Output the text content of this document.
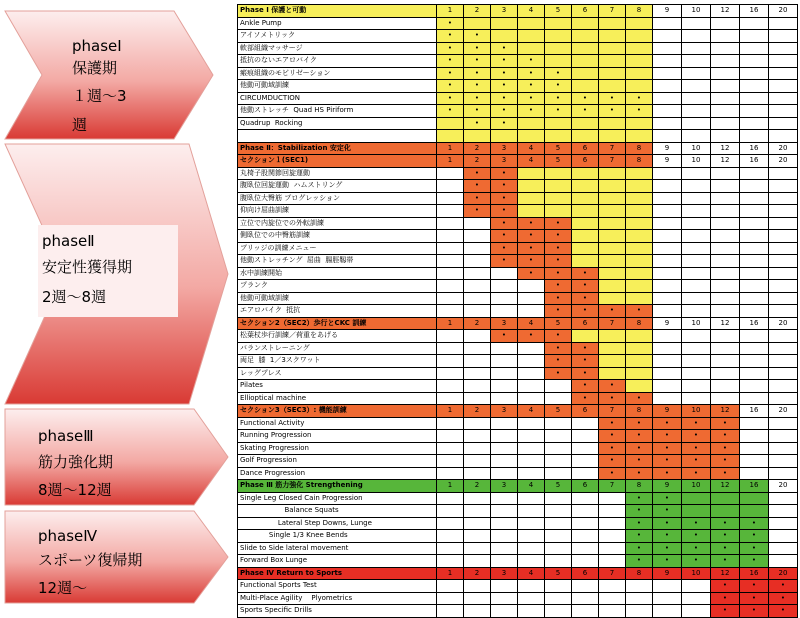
phaseⅠ
保護期
１週〜3
週
phaseⅡ
安定性獲得期
2週〜8週
phaseⅢ
筋力強化期
8週〜12週
phaseⅣ
スポーツ復帰期
12週〜
Phase Ⅰ 保護と可動	1	2	3	4	5	6	7	8	9	10	12	16	20
Ankle Pump	•												
アイソメトリック	•	•											
軟部組織マッサージ	•	•	•										
抵抗のないエアロバイク	•	•	•	•									
瘢痕組織のモビリゼーション	•	•	•	•	•								
他動可動域訓練	•	•	•	•	•								
CIRCUMDUCTION	•	•	•	•	•	•	•	•					
他動ストレッチ  Quad HS Piriform	•	•	•	•	•	•	•	•					
Quadrup  Rocking		•	•										

Phase Ⅱ：Stabilization 安定化	1	2	3	4	5	6	7	8	9	10	12	16	20
セクション１(SEC1)	1	2	3	4	5	6	7	8	9	10	12	16	20
丸椅子股関節回旋運動		•	•										
腹臥位回旋運動  ハムストリング		•	•										
腹臥位大臀筋 プログレッション		•	•										
仰向け屈曲訓練		•	•										
立位で内旋位での外転訓練			•	•	•								
側臥位での中臀筋訓練			•	•	•								
ブリッジの訓練メニュー			•	•	•								
他動ストレッチング  屈曲  腸脛靱帯			•	•	•								
水中訓練開始				•	•	•							
プランク					•	•							
他動可動域訓練					•	•							
エアロバイク  抵抗					•	•	•	•					
セクション2（SEC2）歩行とCKC 訓練	1	2	3	4	5	6	7	8	9	10	12	16	20
松葉杖歩行訓練／荷重をあげる			•	•	•								
バランストレーニング					•	•							
両足  膝  1／3スクワット					•	•							
レッグプレス					•	•							
Pilates						•	•						
Ellioptical machine						•	•	•					
セクション3（SEC3）: 機能訓練	1	2	3	4	5	6	7	8	9	10	12	16	20
Functional Activity							•	•	•	•	•		
Running Progression							•	•	•	•	•		
Skating Progression							•	•	•	•	•		
Golf Progression							•	•	•	•	•		
Dance Progression							•	•	•	•	•		
Phase Ⅲ 筋力強化 Strengthening	1	2	3	4	5	6	7	8	9	10	12	16	20
Single Leg Closed Cain Progression								•	•				
Balance Squats								•	•				
Lateral Step Downs, Lunge								•	•	•	•	•	
Single 1/3 Knee Bends								•	•	•	•	•	
Slide to Side lateral movement								•	•	•	•	•	
Forward Box Lunge								•	•	•	•	•	
Phase Ⅳ Return to Sports	1	2	3	4	5	6	7	8	9	10	12	16	20
Functional Sports Test											•	•	•
Multi-Place Agility    Plyometrics											•	•	•
Sports Specific Drills											•	•	•
